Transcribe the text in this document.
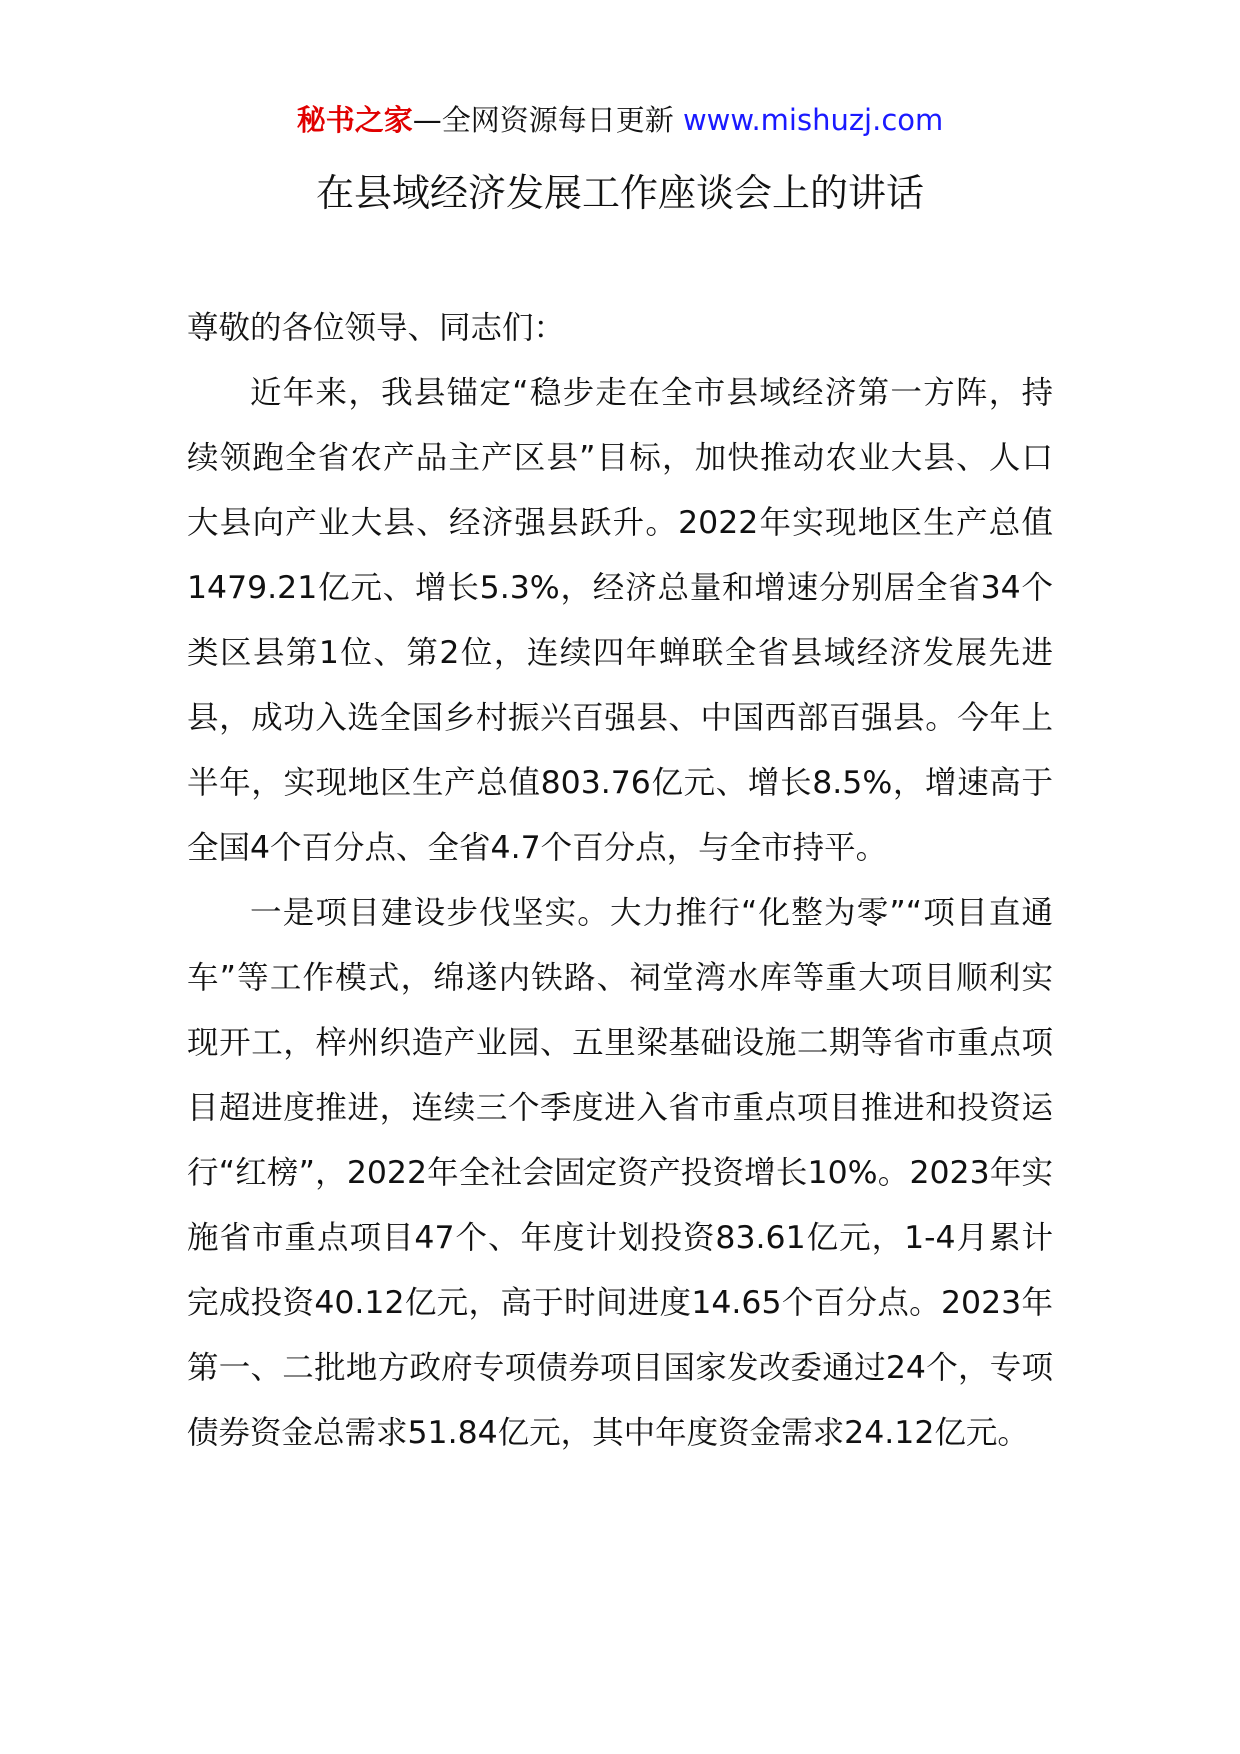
秘书之家—全网资源每日更新 www.mishuzj.com
在县域经济发展工作座谈会上的讲话

尊敬的各位领导、同志们：

近年来，我县锚定“稳步走在全市县域经济第一方阵，持续领跑全省农产品主产区县”目标，加快推动农业大县、人口大县向产业大县、经济强县跃升。2022年实现地区生产总值1479.21亿元、增长5.3%，经济总量和增速分别居全省34个类区县第1位、第2位，连续四年蝉联全省县域经济发展先进县，成功入选全国乡村振兴百强县、中国西部百强县。今年上半年，实现地区生产总值803.76亿元、增长8.5%，增速高于全国4个百分点、全省4.7个百分点，与全市持平。

一是项目建设步伐坚实。大力推行“化整为零”“项目直通车”等工作模式，绵遂内铁路、祠堂湾水库等重大项目顺利实现开工，梓州织造产业园、五里梁基础设施二期等省市重点项目超进度推进，连续三个季度进入省市重点项目推进和投资运行“红榜”，2022年全社会固定资产投资增长10%。2023年实施省市重点项目47个、年度计划投资83.61亿元，1-4月累计完成投资40.12亿元，高于时间进度14.65个百分点。2023年第一、二批地方政府专项债券项目国家发改委通过24个，专项债券资金总需求51.84亿元，其中年度资金需求24.12亿元。
